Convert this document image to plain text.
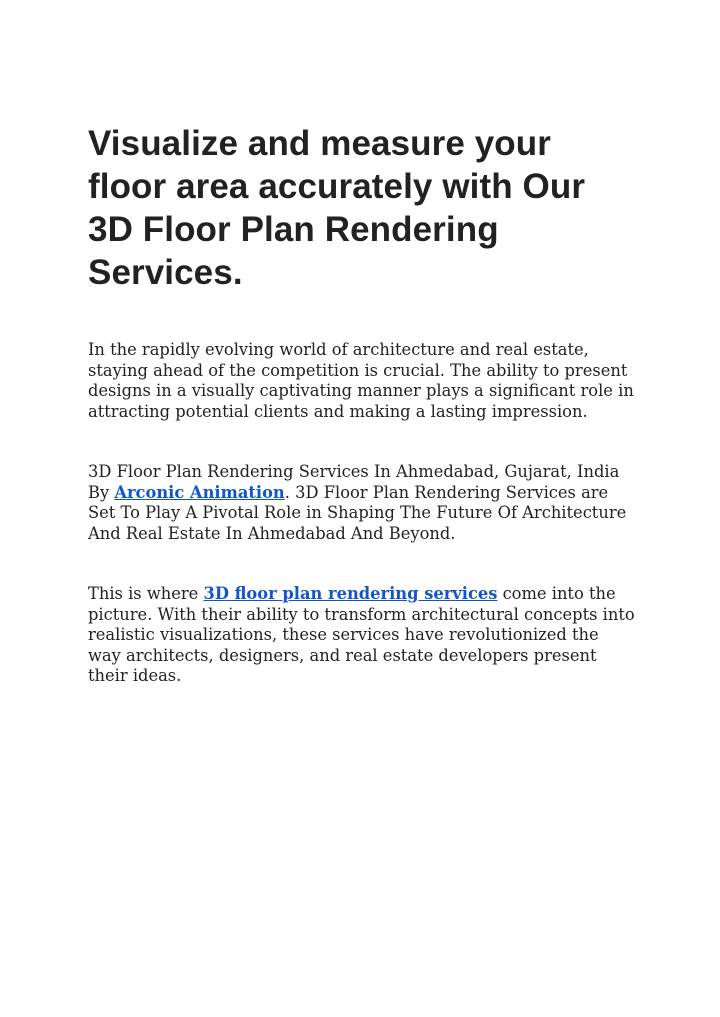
Visualize and measure your floor area accurately with Our 3D Floor Plan Rendering Services.

In the rapidly evolving world of architecture and real estate, staying ahead of the competition is crucial. The ability to present designs in a visually captivating manner plays a significant role in attracting potential clients and making a lasting impression.

3D Floor Plan Rendering Services In Ahmedabad, Gujarat, India By Arconic Animation. 3D Floor Plan Rendering Services are Set To Play A Pivotal Role in Shaping The Future Of Architecture And Real Estate In Ahmedabad And Beyond.

This is where 3D floor plan rendering services come into the picture. With their ability to transform architectural concepts into realistic visualizations, these services have revolutionized the way architects, designers, and real estate developers present their ideas.
